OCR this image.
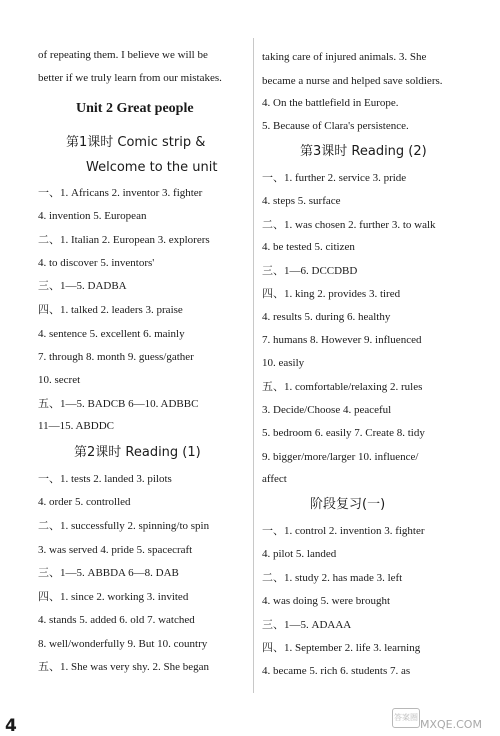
of repeating them. I believe we will be
better if we truly learn from our mistakes.
Unit 2 Great people
第1课时 Comic strip &
Welcome to the unit
一、1. Africans 2. inventor 3. fighter
4. invention 5. European
二、1. Italian 2. European 3. explorers
4. to discover 5. inventors'
三、1—5. DADBA
四、1. talked 2. leaders 3. praise
4. sentence 5. excellent 6. mainly
7. through 8. month 9. guess/gather
10. secret
五、1—5. BADCB 6—10. ADBBC
11—15. ABDDC
第2课时 Reading (1)
一、1. tests 2. landed 3. pilots
4. order 5. controlled
二、1. successfully 2. spinning/to spin
3. was served 4. pride 5. spacecraft
三、1—5. ABBDA 6—8. DAB
四、1. since 2. working 3. invited
4. stands 5. added 6. old 7. watched
8. well/wonderfully 9. But 10. country
五、1. She was very shy. 2. She began
taking care of injured animals. 3. She
became a nurse and helped save soldiers.
4. On the battlefield in Europe.
5. Because of Clara's persistence.
第3课时 Reading (2)
一、1. further 2. service 3. pride
4. steps 5. surface
二、1. was chosen 2. further 3. to walk
4. be tested 5. citizen
三、1—6. DCCDBD
四、1. king 2. provides 3. tired
4. results 5. during 6. healthy
7. humans 8. However 9. influenced
10. easily
五、1. comfortable/relaxing 2. rules
3. Decide/Choose 4. peaceful
5. bedroom 6. easily 7. Create 8. tidy
9. bigger/more/larger 10. influence/
affect
阶段复习(一)
一、1. control 2. invention 3. fighter
4. pilot 5. landed
二、1. study 2. has made 3. left
4. was doing 5. were brought
三、1—5. ADAAA
四、1. September 2. life 3. learning
4. became 5. rich 6. students 7. as
4	答案圈
MXQE.COM
